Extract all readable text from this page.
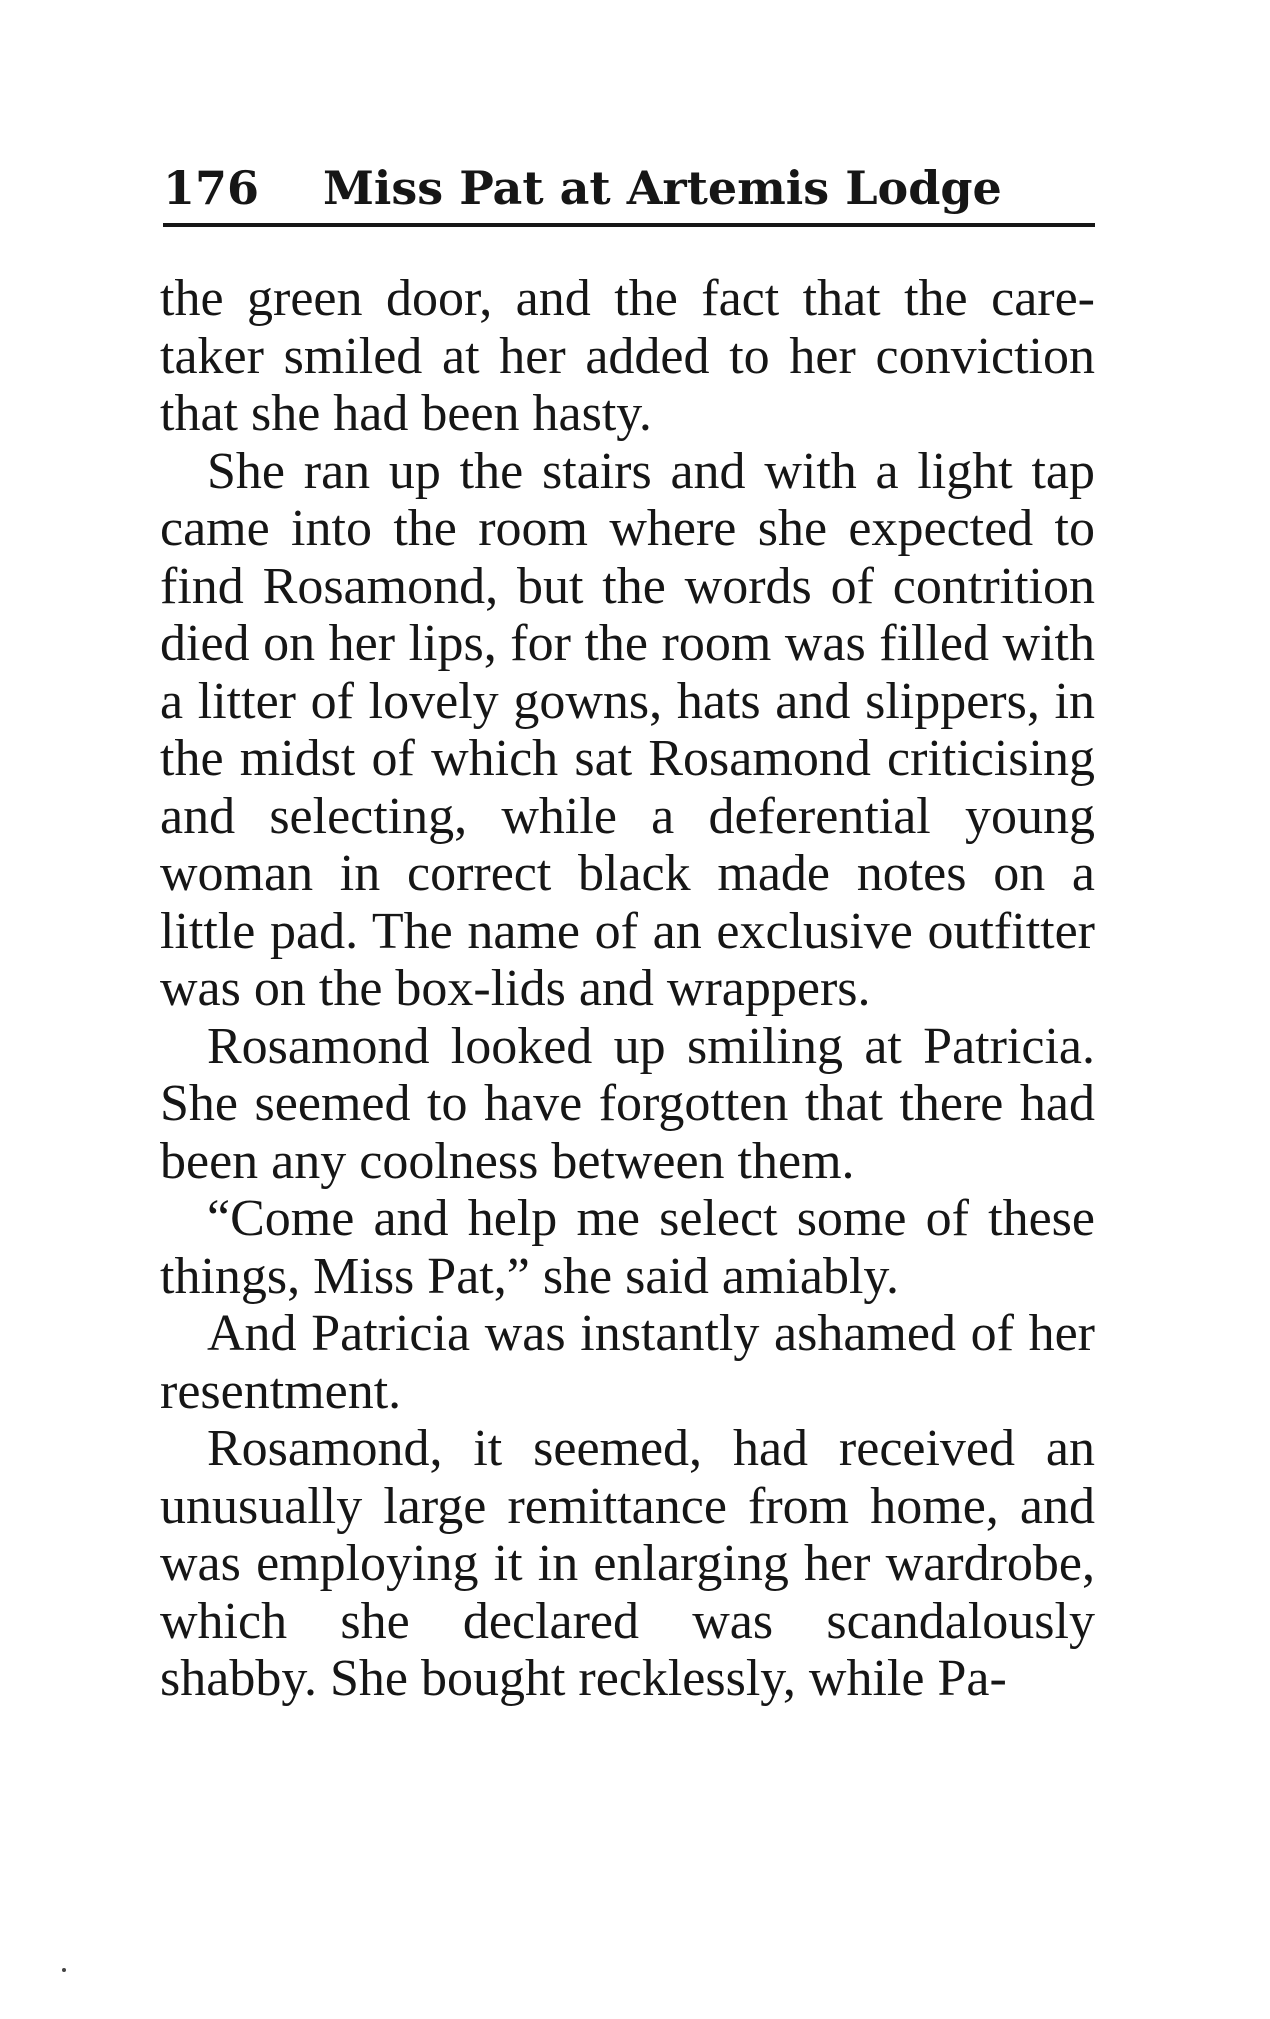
176 Miss Pat at Artemis Lodge

the green door, and the fact that the caretaker smiled at her added to her conviction that she had been hasty.

She ran up the stairs and with a light tap came into the room where she expected to find Rosamond, but the words of contrition died on her lips, for the room was filled with a litter of lovely gowns, hats and slippers, in the midst of which sat Rosamond criticising and selecting, while a deferential young woman in correct black made notes on a little pad. The name of an exclusive outfitter was on the box-lids and wrappers.

Rosamond looked up smiling at Patricia. She seemed to have forgotten that there had been any coolness between them.

“Come and help me select some of these things, Miss Pat,” she said amiably.

And Patricia was instantly ashamed of her resentment.

Rosamond, it seemed, had received an unusually large remittance from home, and was employing it in enlarging her wardrobe, which she declared was scandalously shabby. She bought recklessly, while Pa-
